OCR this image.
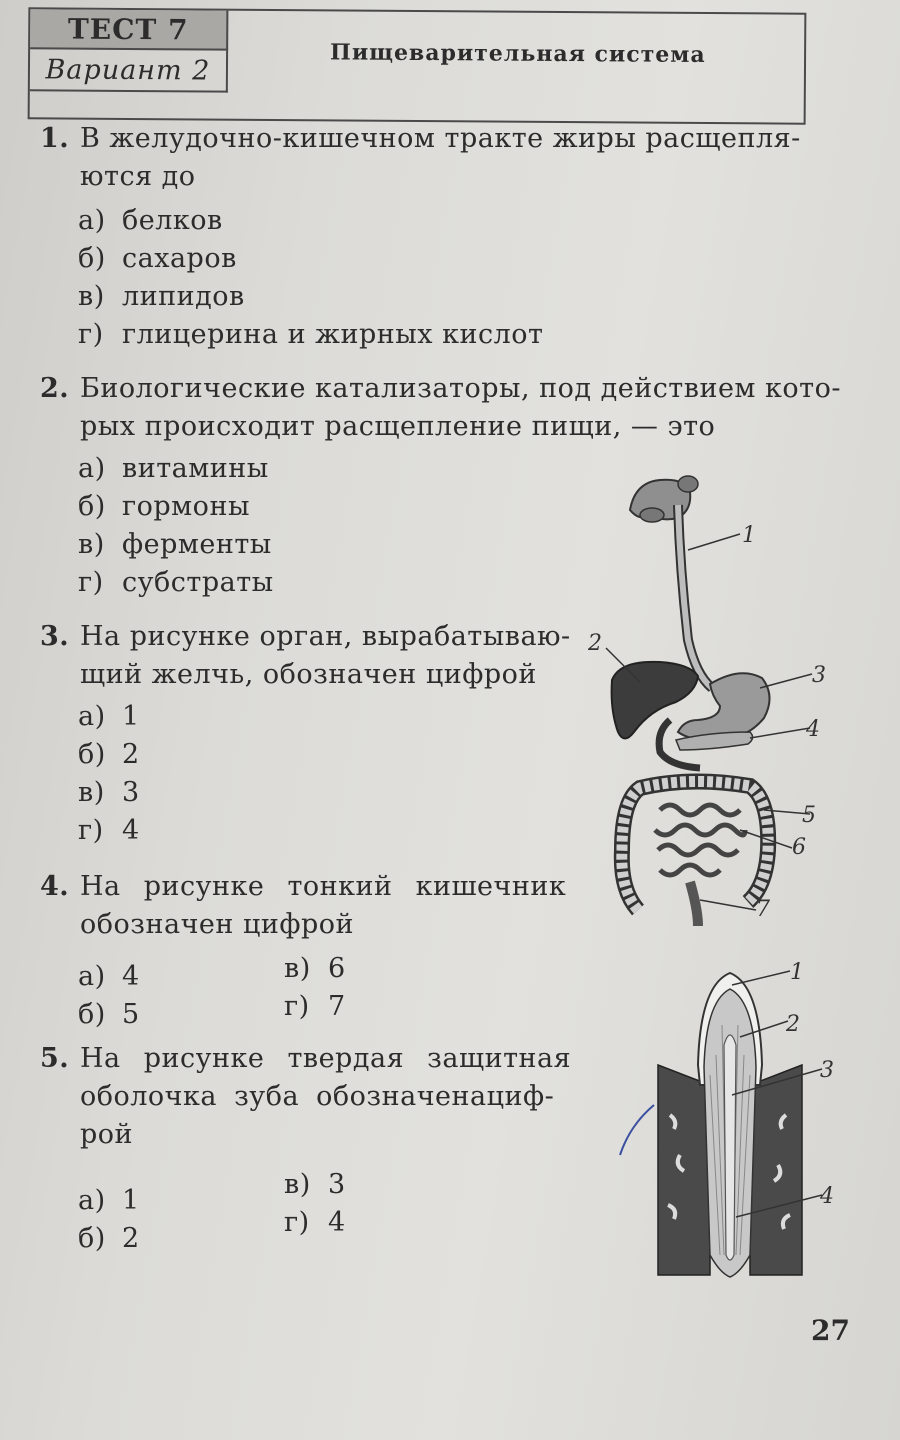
ТЕСТ 7
Вариант 2
Пищеварительная система
1. В желудочно-кишечном тракте жиры расщепля-
ются до
а) белков
б) сахаров
в) липидов
г) глицерина и жирных кислот
2. Биологические катализаторы, под действием кото-
рых происходит расщепление пищи, — это
а) витамины
б) гормоны
в) ферменты
г) субстраты
3. На рисунке орган, вырабатываю-
щий желчь, обозначен цифрой
а) 1
б) 2
в) 3
г) 4
4. На рисунке тонкий кишечник
обозначен цифрой
а) 4
б) 5
в) 6
г) 7
5. На рисунке твердая защитная
оболочка зуба обозначенациф-
рой
а) 1
б) 2
в) 3
г) 4
1
2
3
4
5
6
7
1
2
3
4
27
